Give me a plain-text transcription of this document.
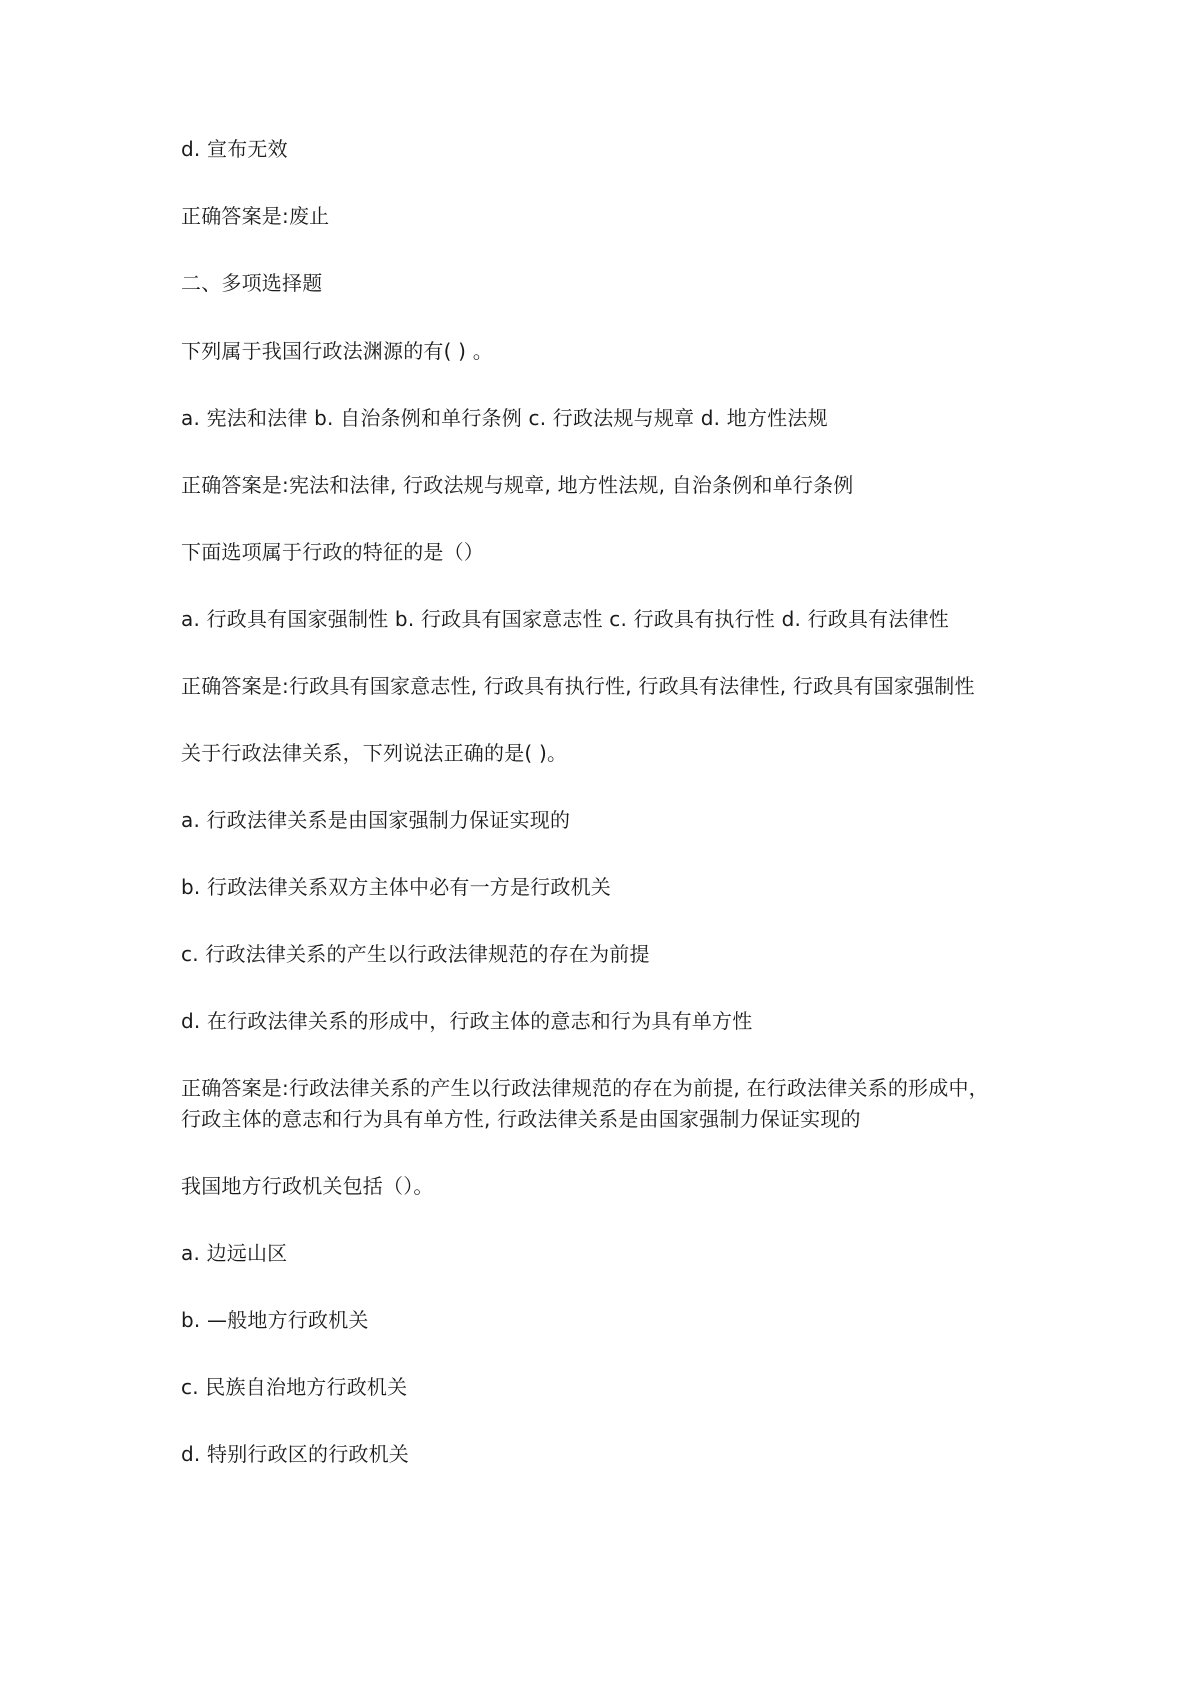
d. 宣布无效
正确答案是:废止
二、多项选择题
下列属于我国行政法渊源的有( ) 。
a. 宪法和法律 b. 自治条例和单行条例 c. 行政法规与规章 d. 地方性法规
正确答案是:宪法和法律, 行政法规与规章, 地方性法规, 自治条例和单行条例
下面选项属于行政的特征的是（）
a. 行政具有国家强制性 b. 行政具有国家意志性 c. 行政具有执行性 d. 行政具有法律性
正确答案是:行政具有国家意志性, 行政具有执行性, 行政具有法律性, 行政具有国家强制性
关于行政法律关系，下列说法正确的是( )。
a. 行政法律关系是由国家强制力保证实现的
b. 行政法律关系双方主体中必有一方是行政机关
c. 行政法律关系的产生以行政法律规范的存在为前提
d. 在行政法律关系的形成中，行政主体的意志和行为具有单方性
正确答案是:行政法律关系的产生以行政法律规范的存在为前提, 在行政法律关系的形成中，
行政主体的意志和行为具有单方性, 行政法律关系是由国家强制力保证实现的
我国地方行政机关包括（）。
a. 边远山区
b. —般地方行政机关
c. 民族自治地方行政机关
d. 特别行政区的行政机关
